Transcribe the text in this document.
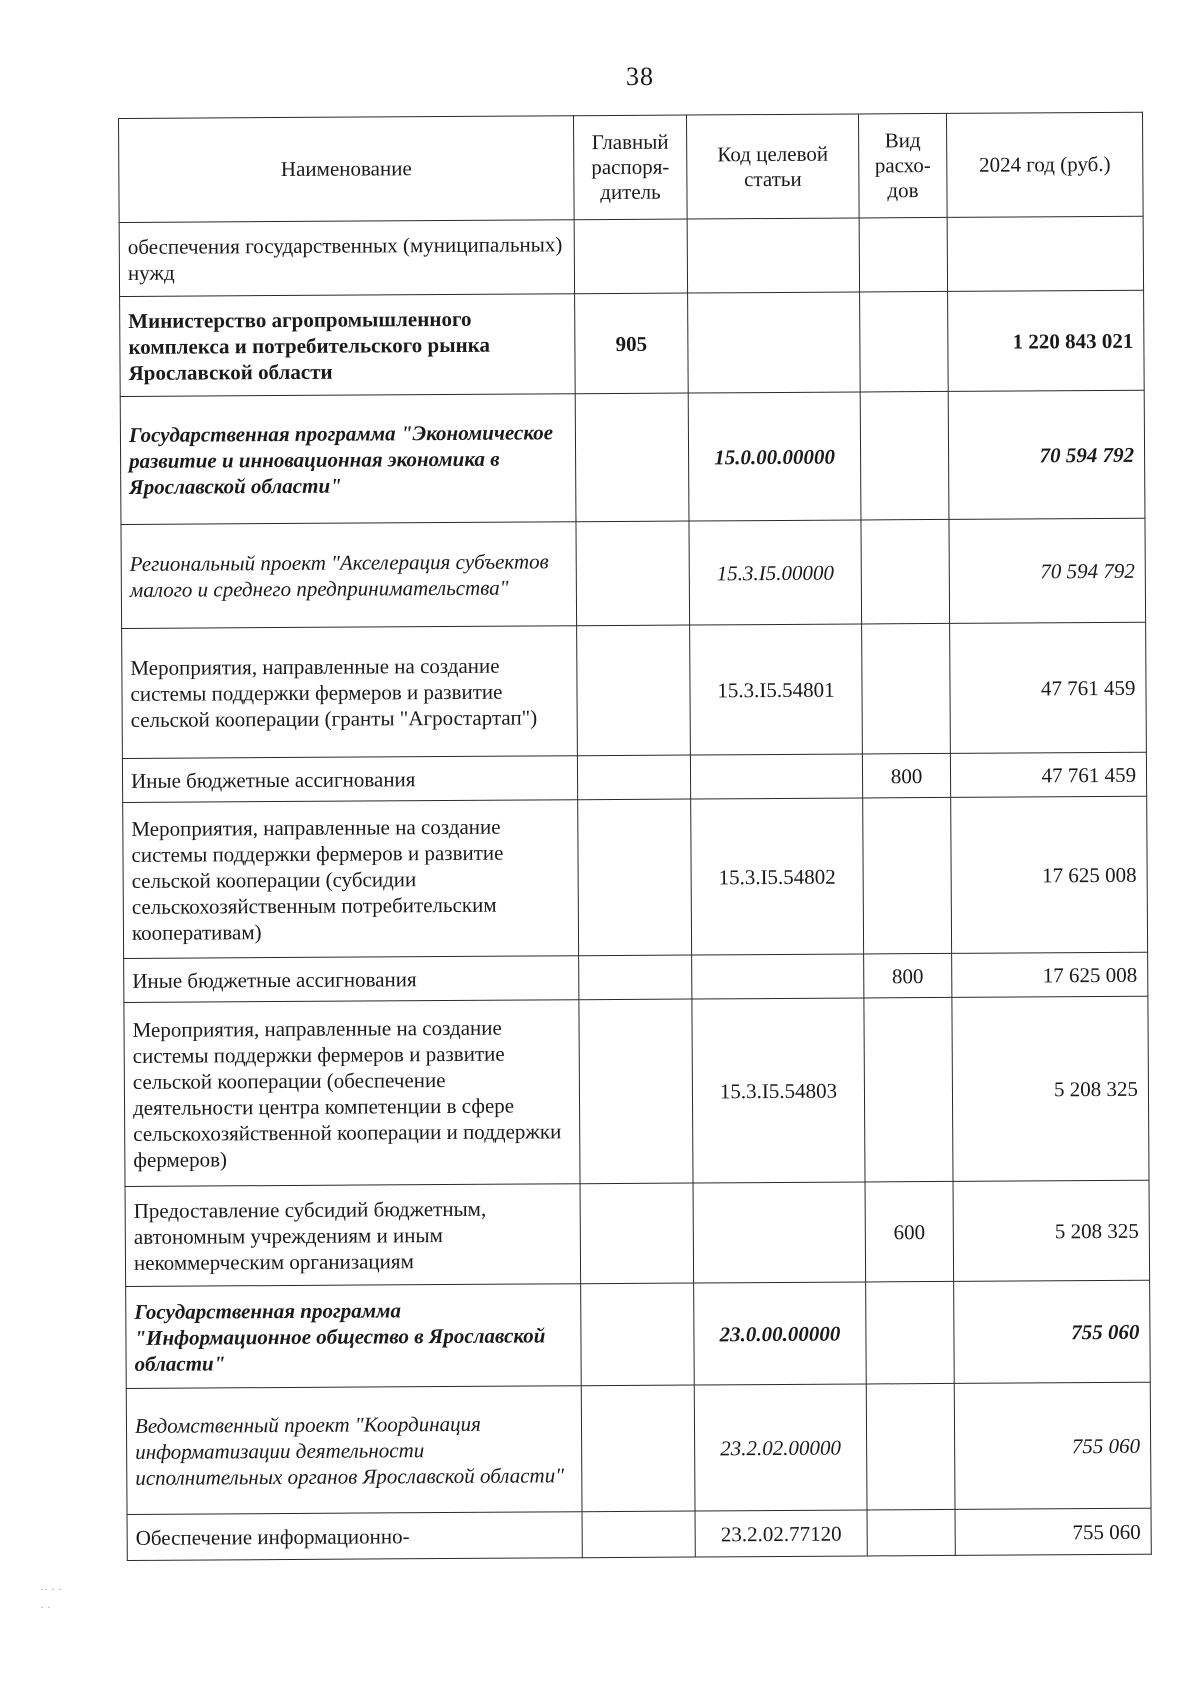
38
Наименование	Главный распоря-дитель	Код целевой статьи	Вид расхо-дов	2024 год (руб.)
обеспечения государственных (муниципальных) нужд				
Министерство агропромышленного комплекса и потребительского рынка Ярославской области	905			1 220 843 021
Государственная программа "Экономическое развитие и инновационная экономика в Ярославской области"		15.0.00.00000		70 594 792
Региональный проект "Акселерация субъектов малого и среднего предпринимательства"		15.3.I5.00000		70 594 792
Мероприятия, направленные на создание системы поддержки фермеров и развитие сельской кооперации (гранты "Агростартап")		15.3.I5.54801		47 761 459
Иные бюджетные ассигнования			800	47 761 459
Мероприятия, направленные на создание системы поддержки фермеров и развитие сельской кооперации (субсидии сельскохозяйственным потребительским кооперативам)		15.3.I5.54802		17 625 008
Иные бюджетные ассигнования			800	17 625 008
Мероприятия, направленные на создание системы поддержки фермеров и развитие сельской кооперации (обеспечение деятельности центра компетенции в сфере сельскохозяйственной кооперации и поддержки фермеров)		15.3.I5.54803		5 208 325
Предоставление субсидий бюджетным, автономным учреждениям и иным некоммерческим организациям			600	5 208 325
Государственная программа "Информационное общество в Ярославской области"		23.0.00.00000		755 060
Ведомственный проект "Координация информатизации деятельности исполнительных органов Ярославской области"		23.2.02.00000		755 060
Обеспечение информационно-		23.2.02.77120		755 060
·· · ·
· ·
